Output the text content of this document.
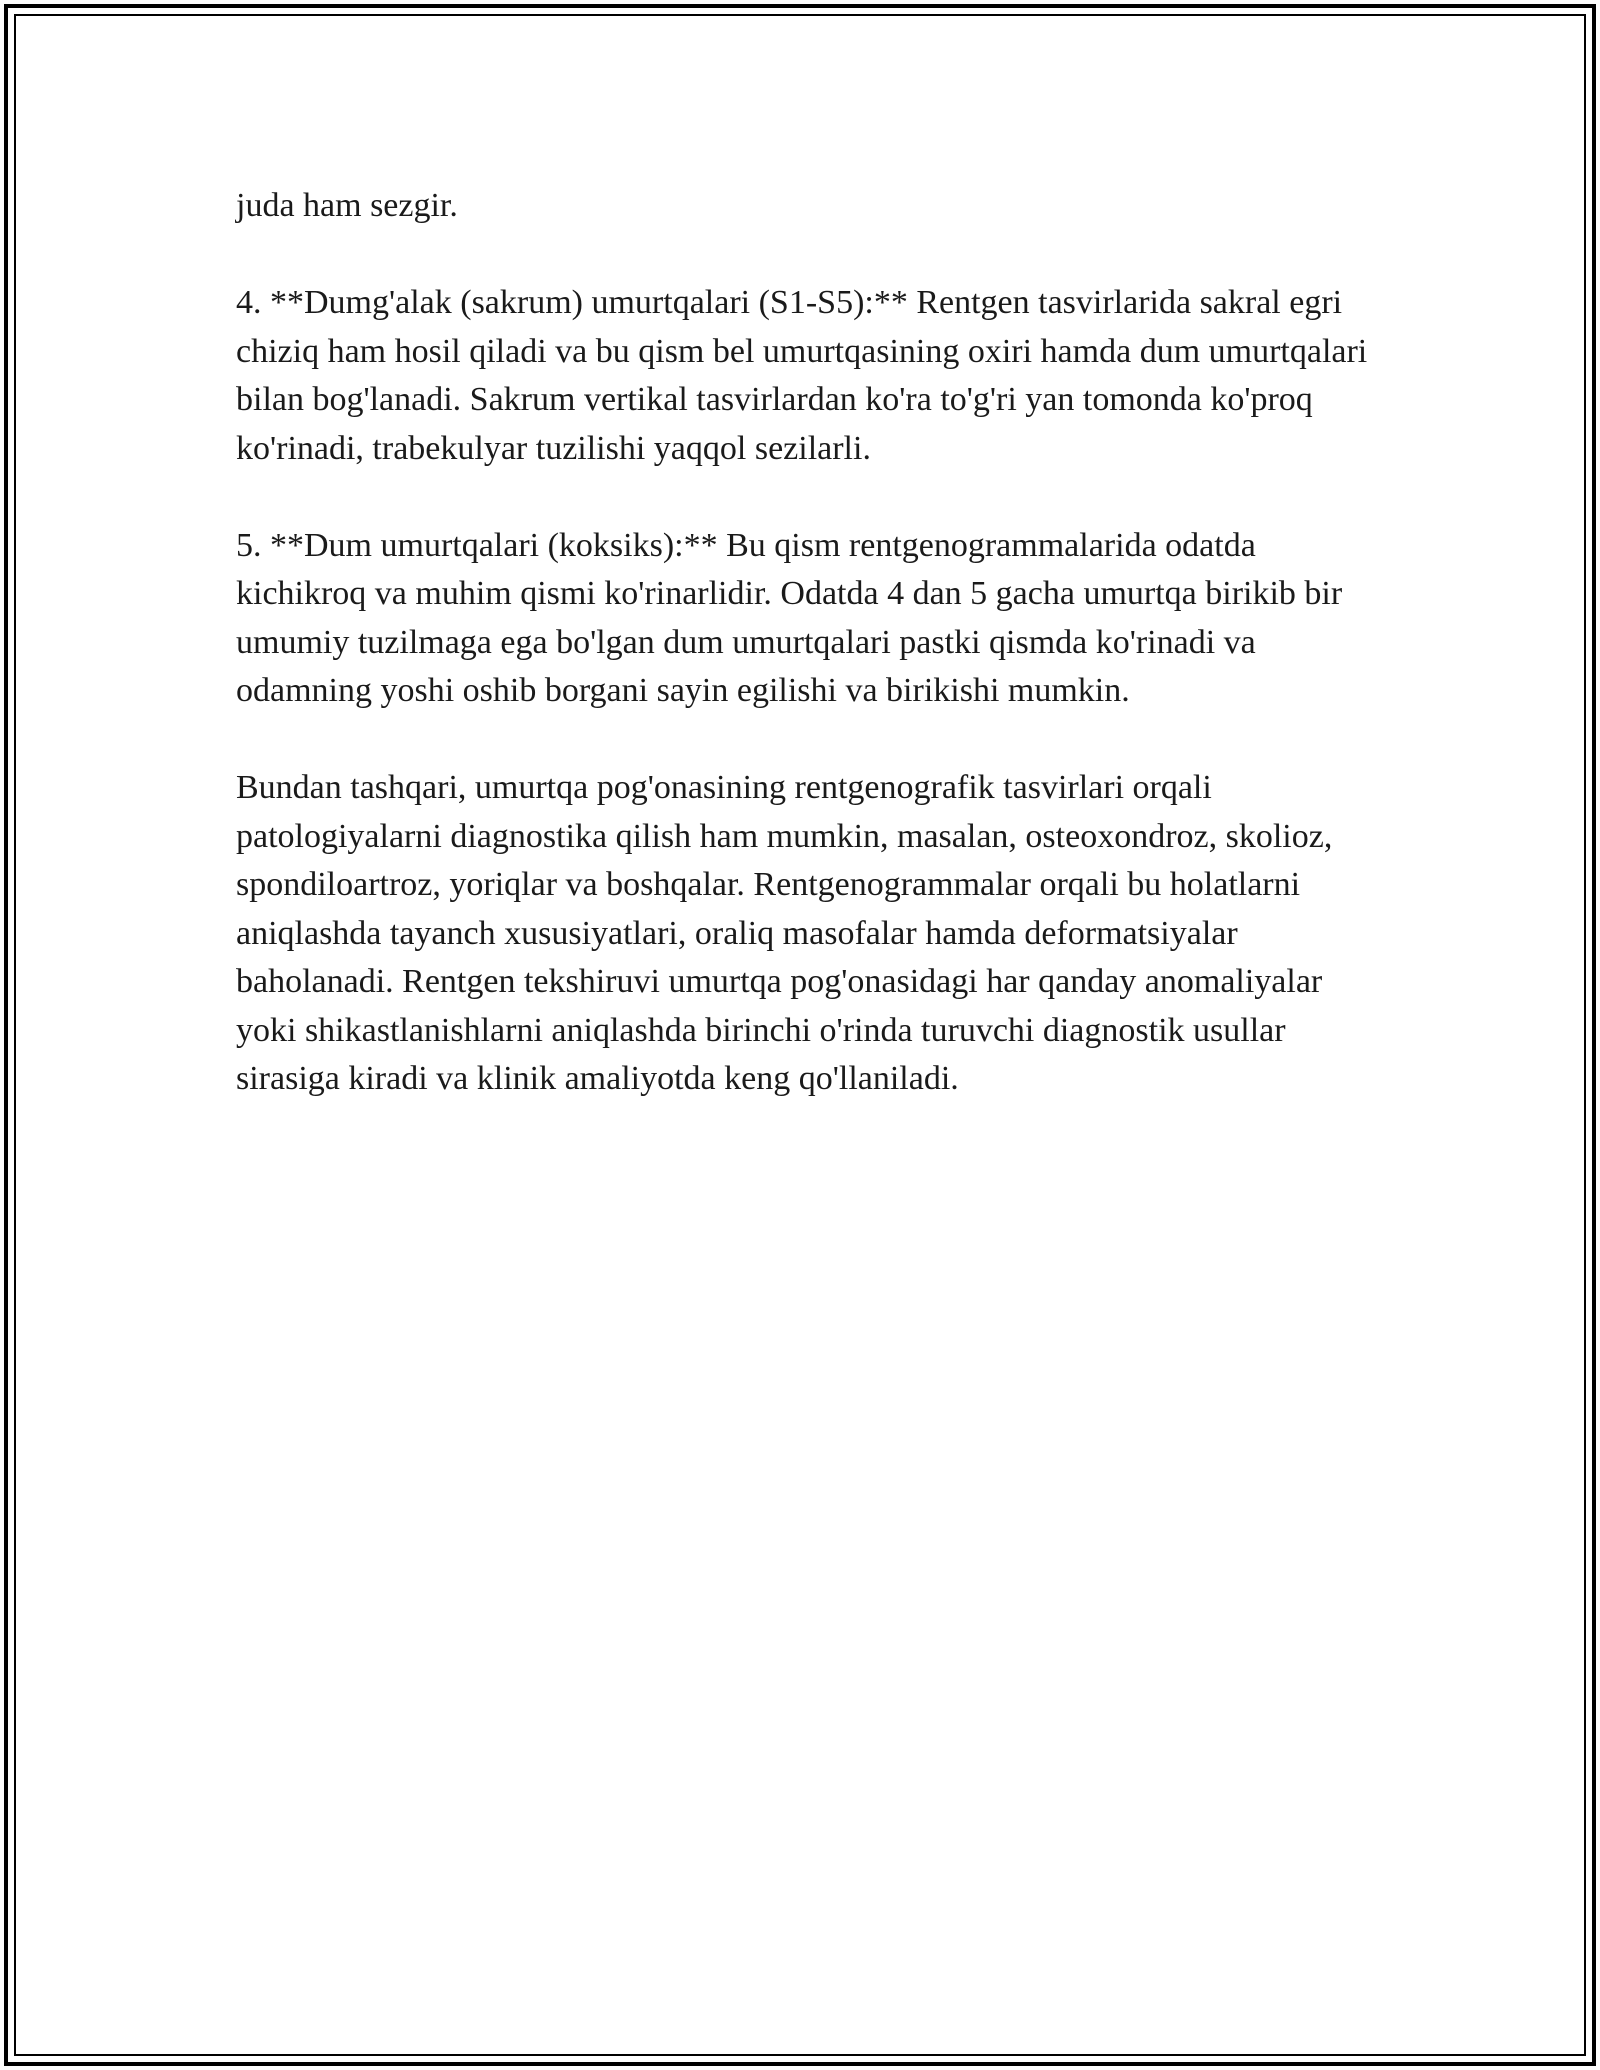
juda ham sezgir.

4. **Dumg'alak (sakrum) umurtqalari (S1-S5):** Rentgen tasvirlarida sakral egri chiziq ham hosil qiladi va bu qism bel umurtqasining oxiri hamda dum umurtqalari bilan bog'lanadi. Sakrum vertikal tasvirlardan ko'ra to'g'ri yan tomonda ko'proq ko'rinadi, trabekulyar tuzilishi yaqqol sezilarli.

5. **Dum umurtqalari (koksiks):** Bu qism rentgenogrammalarida odatda kichikroq va muhim qismi ko'rinarlidir. Odatda 4 dan 5 gacha umurtqa birikib bir umumiy tuzilmaga ega bo'lgan dum umurtqalari pastki qismda ko'rinadi va odamning yoshi oshib borgani sayin egilishi va birikishi mumkin.

Bundan tashqari, umurtqa pog'onasining rentgenografik tasvirlari orqali patologiyalarni diagnostika qilish ham mumkin, masalan, osteoxondroz, skolioz, spondiloartroz, yoriqlar va boshqalar. Rentgenogrammalar orqali bu holatlarni aniqlashda tayanch xususiyatlari, oraliq masofalar hamda deformatsiyalar baholanadi. Rentgen tekshiruvi umurtqa pog'onasidagi har qanday anomaliyalar yoki shikastlanishlarni aniqlashda birinchi o'rinda turuvchi diagnostik usullar sirasiga kiradi va klinik amaliyotda keng qo'llaniladi.
